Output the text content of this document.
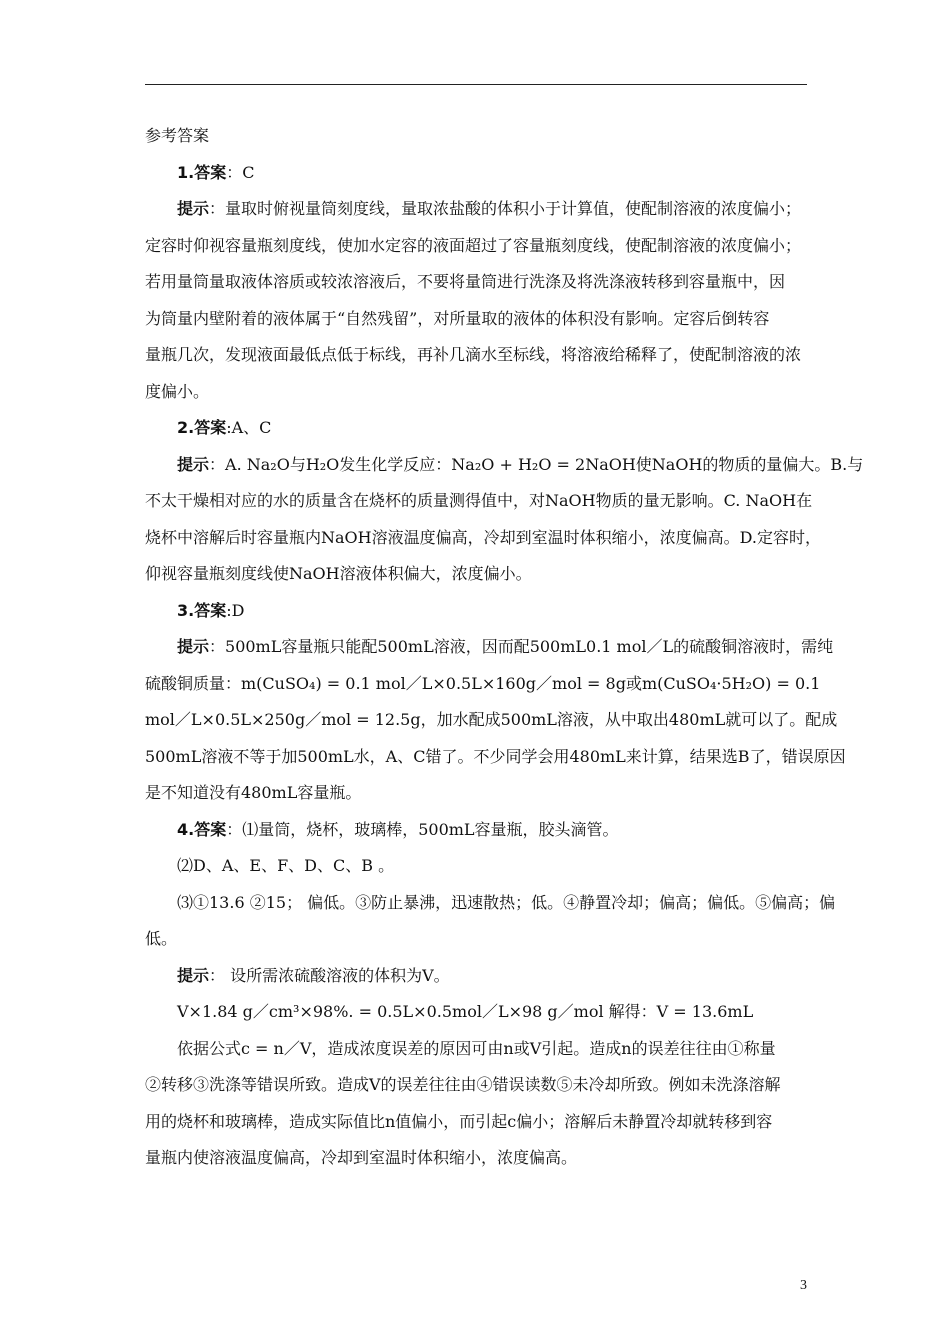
参考答案
1.答案：C
提示：量取时俯视量筒刻度线，量取浓盐酸的体积小于计算值，使配制溶液的浓度偏小；
定容时仰视容量瓶刻度线，使加水定容的液面超过了容量瓶刻度线，使配制溶液的浓度偏小；
若用量筒量取液体溶质或较浓溶液后，不要将量筒进行洗涤及将洗涤液转移到容量瓶中，因
为筒量内壁附着的液体属于“自然残留”，对所量取的液体的体积没有影响。定容后倒转容
量瓶几次，发现液面最低点低于标线，再补几滴水至标线，将溶液给稀释了，使配制溶液的浓
度偏小。
2.答案:A、C
提示：A. Na₂O与H₂O发生化学反应：Na₂O + H₂O = 2NaOH使NaOH的物质的量偏大。B.与
不太干燥相对应的水的质量含在烧杯的质量测得值中，对NaOH物质的量无影响。C. NaOH在
烧杯中溶解后时容量瓶内NaOH溶液温度偏高，冷却到室温时体积缩小，浓度偏高。D.定容时，
仰视容量瓶刻度线使NaOH溶液体积偏大，浓度偏小。
3.答案:D
提示：500mL容量瓶只能配500mL溶液，因而配500mL0.1 mol／L的硫酸铜溶液时，需纯
硫酸铜质量：m(CuSO₄) = 0.1 mol／L×0.5L×160g／mol = 8g或m(CuSO₄·5H₂O) = 0.1
mol／L×0.5L×250g／mol = 12.5g，加水配成500mL溶液，从中取出480mL就可以了。配成
500mL溶液不等于加500mL水，A、C错了。不少同学会用480mL来计算，结果选B了，错误原因
是不知道没有480mL容量瓶。
4.答案：⑴量筒，烧杯，玻璃棒，500mL容量瓶，胶头滴管。
⑵D、A、E、F、D、C、B 。
⑶①13.6 ②15； 偏低。③防止暴沸，迅速散热；低。④静置冷却；偏高；偏低。⑤偏高；偏
低。
提示： 设所需浓硫酸溶液的体积为V。
V×1.84 g／cm³×98%. = 0.5L×0.5mol／L×98 g／mol 解得：V = 13.6mL
依据公式c = n／V，造成浓度误差的原因可由n或V引起。造成n的误差往往由①称量
②转移③洗涤等错误所致。造成V的误差往往由④错误读数⑤未冷却所致。例如未洗涤溶解
用的烧杯和玻璃棒，造成实际值比n值偏小，而引起c偏小；溶解后未静置冷却就转移到容
量瓶内使溶液温度偏高，冷却到室温时体积缩小，浓度偏高。
3
